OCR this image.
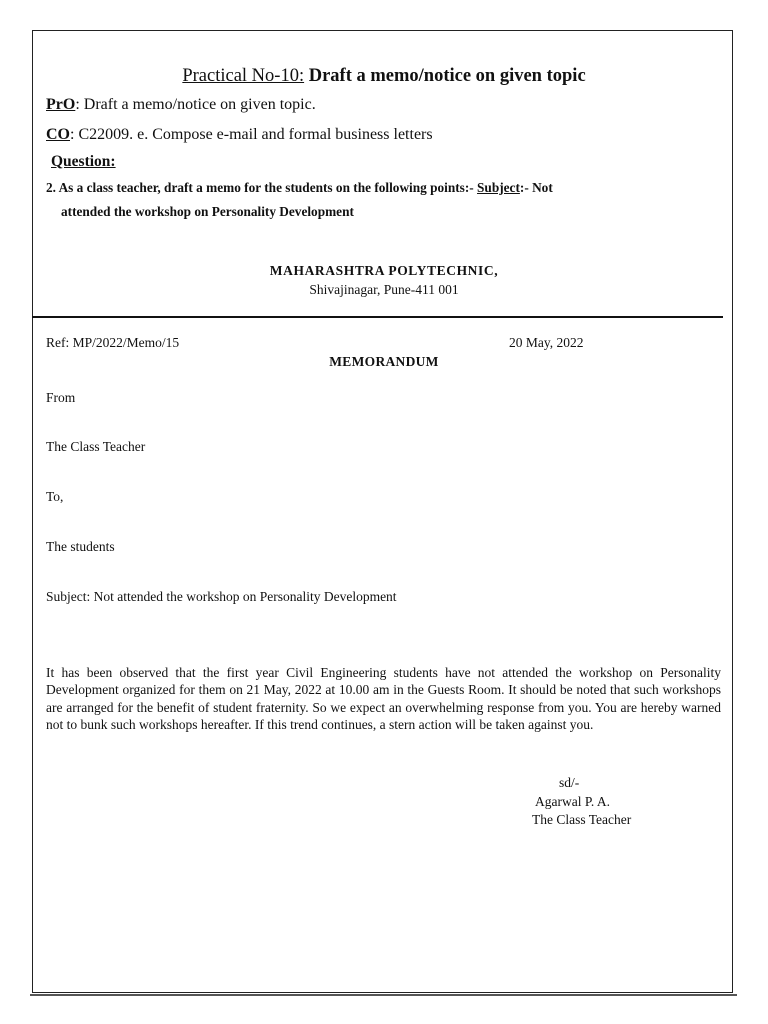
Practical No-10: Draft a memo/notice on given topic
PrO: Draft a memo/notice on given topic.
CO: C22009. e. Compose e-mail and formal business letters
Question:
2. As a class teacher, draft a memo for the students on the following points:- Subject:- Not
attended the workshop on Personality Development
MAHARASHTRA POLYTECHNIC,
Shivajinagar, Pune-411 001
Ref: MP/2022/Memo/15	20 May, 2022
MEMORANDUM
From
The Class Teacher
To,
The students
Subject: Not attended the workshop on Personality Development
It has been observed that the first year Civil Engineering students have not attended the workshop on Personality Development organized for them on 21 May, 2022 at 10.00 am in the Guests Room. It should be noted that such workshops are arranged for the benefit of student fraternity. So we expect an overwhelming response from you. You are hereby warned not to bunk such workshops hereafter. If this trend continues, a stern action will be taken against you.
sd/-
Agarwal P. A.
The Class Teacher
